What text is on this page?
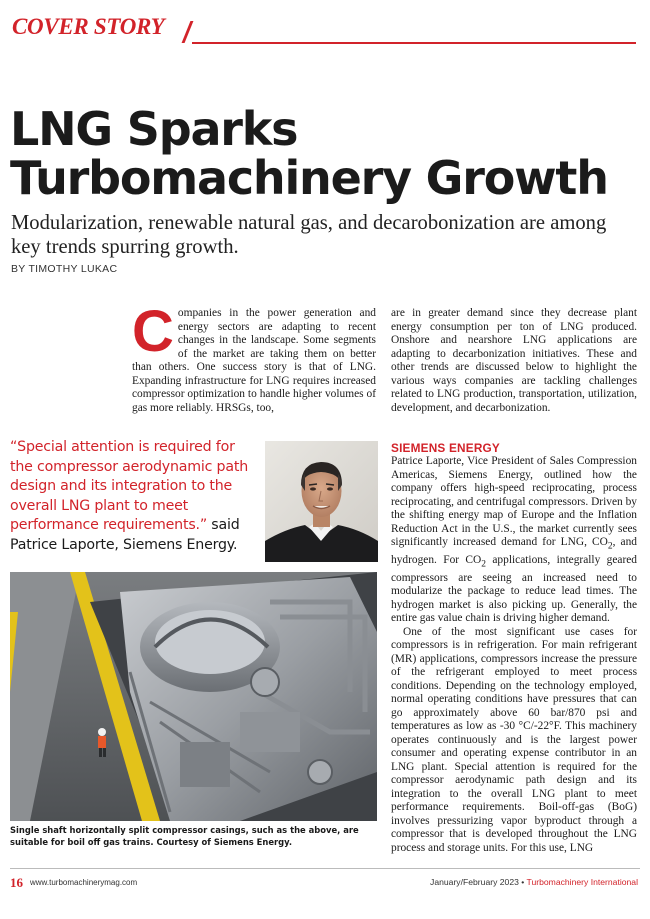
COVER STORY
LNG Sparks
Turbomachinery Growth

Modularization, renewable natural gas, and decarobonization are among
key trends spurring growth.

BY TIMOTHY LUKAC

Companies in the power generation and energy sectors are adapting to recent changes in the landscape. Some segments of the market are taking them on better than others. One success story is that of LNG. Expanding infrastructure for LNG requires increased compressor optimization to handle higher volumes of gas more reliably. HRSGs, too,

are in greater demand since they decrease plant energy consumption per ton of LNG produced. Onshore and nearshore LNG applications are adapting to decarbonization initiatives. These and other trends are discussed below to highlight the various ways companies are tackling challenges related to LNG production, transportation, utilization, development, and decarbonization.

“Special attention is required for the compressor aerodynamic path design and its integration to the overall LNG plant to meet performance requirements.” said Patrice Laporte, Siemens Energy.

Single shaft horizontally split compressor casings, such as the above, are suitable for boil off gas trains. Courtesy of Siemens Energy.

SIEMENS ENERGY
Patrice Laporte, Vice President of Sales Compression Americas, Siemens Energy, outlined how the company offers high-speed reciprocating, process reciprocating, and centrifugal compressors. Driven by the shifting energy map of Europe and the Inflation Reduction Act in the U.S., the market currently sees significantly increased demand for LNG, $CO_2$, and hydrogen. For $CO_2$ applications, integrally geared compressors are seeing an increased need to modularize the package to reduce lead times. The hydrogen market is also picking up. Generally, the entire gas value chain is driving higher demand.
One of the most significant use cases for compressors is in refrigeration. For main refrigerant (MR) applications, compressors increase the pressure of the refrigerant employed to meet process conditions. Depending on the technology employed, normal operating conditions have pressures that can go approximately above 60 bar/870 psi and temperatures as low as -30 °C/-22°F. This machinery operates continuously and is the largest power consumer and operating expense contributor in an LNG plant. Special attention is required for the compressor aerodynamic path design and its integration to the overall LNG plant to meet performance requirements. Boil-off-gas (BoG) involves pressurizing vapor byproduct through a compressor that is developed throughout the LNG process and storage units. For this use, LNG
16 www.turbomachinerymag.com	January/February 2023 • Turbomachinery International
